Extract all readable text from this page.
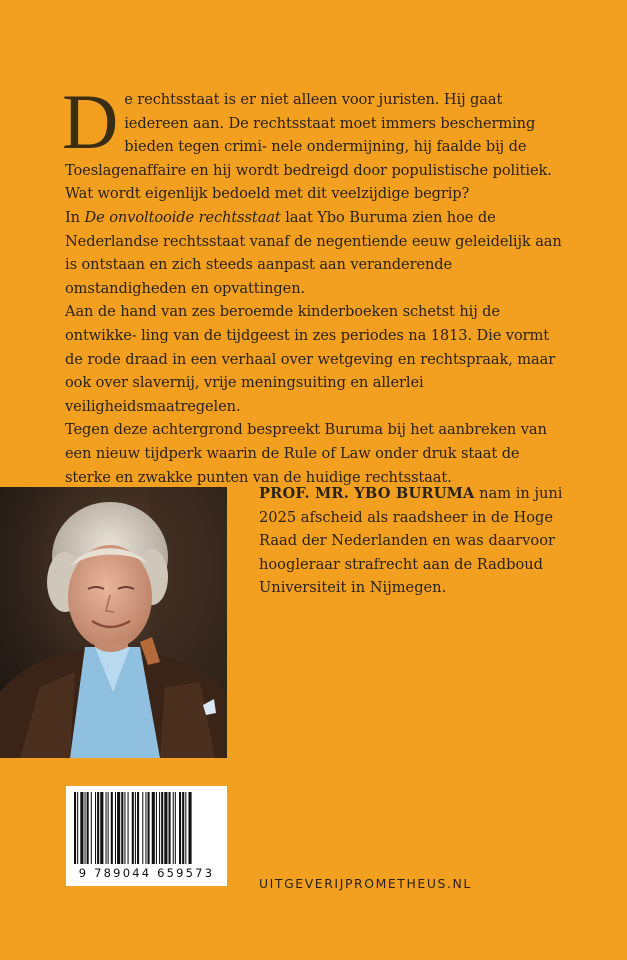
De rechtsstaat is er niet alleen voor juristen. Hij gaat iedereen aan. De rechtsstaat moet immers bescherming bieden tegen crimi- nele ondermijning, hij faalde bij de Toeslagenaffaire en hij wordt bedreigd door populistische politiek. Wat wordt eigenlijk bedoeld met dit veelzijdige begrip?

In De onvoltooide rechtsstaat laat Ybo Buruma zien hoe de Nederlandse rechtsstaat vanaf de negentiende eeuw geleidelijk aan is ontstaan en zich steeds aanpast aan veranderende omstandigheden en opvattingen.

Aan de hand van zes beroemde kinderboeken schetst hij de ontwikke- ling van de tijdgeest in zes periodes na 1813. Die vormt de rode draad in een verhaal over wetgeving en rechtspraak, maar ook over slavernij, vrije meningsuiting en allerlei veiligheidsmaatregelen.

Tegen deze achtergrond bespreekt Buruma bij het aanbreken van een nieuw tijdperk waarin de Rule of Law onder druk staat de sterke en zwakke punten van de huidige rechtsstaat.

PROF. MR. YBO BURUMA nam in juni 2025 afscheid als raadsheer in de Hoge Raad der Nederlanden en was daarvoor hoogleraar strafrecht aan de Radboud Universiteit in Nijmegen.
9 789044 659573
UITGEVERIJPROMETHEUS.NL
